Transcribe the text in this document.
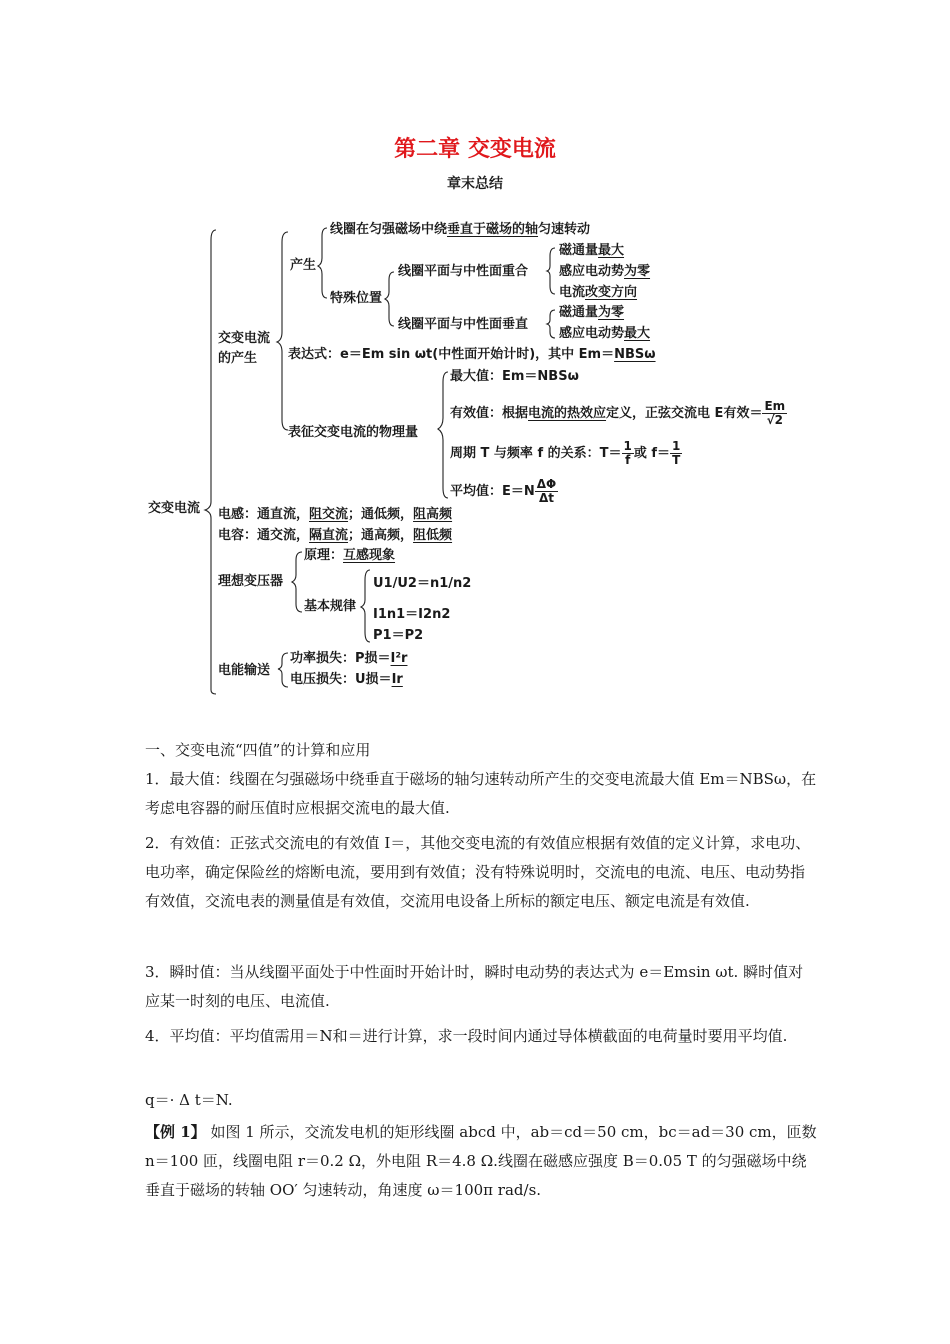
第二章 交变电流
章末总结
交变电流
交变电流
的产生
产生
线圈在匀强磁场中绕垂直于磁场的轴匀速转动
特殊位置
线圈平面与中性面重合
磁通量最大
感应电动势为零
电流改变方向
线圈平面与中性面垂直
磁通量为零
感应电动势最大
表达式：e＝Em sin ωt(中性面开始计时)，其中 Em＝NBSω
表征交变电流的物理量
最大值：Em＝NBSω
有效值：根据电流的热效应定义，正弦交流电 E有效＝ $\frac{Em}{√2}$
周期 T 与频率 f 的关系：$T= \frac{1}{f}$ 或 $f= \frac{1}{T}$
平均值：$E=N \frac{\Delta\Phi}{\Delta t}$
电感：通直流，阻交流；通低频，阻高频
电容：通交流，隔直流；通高频，阻低频
理想变压器
原理：互感现象
基本规律
U1/U2＝n1/n2
I1n1＝I2n2
P1＝P2
电能输送
功率损失：P损＝I²r
电压损失：U损＝Ir
一、交变电流“四值”的计算和应用
1．最大值：线圈在匀强磁场中绕垂直于磁场的轴匀速转动所产生的交变电流最大值 Em＝NBSω，在考虑电容器的耐压值时应根据交流电的最大值.
2．有效值：正弦式交流电的有效值 I＝，其他交变电流的有效值应根据有效值的定义计算，求电功、电功率，确定保险丝的熔断电流，要用到有效值；没有特殊说明时，交流电的电流、电压、电动势指有效值，交流电表的测量值是有效值，交流用电设备上所标的额定电压、额定电流是有效值.
3．瞬时值：当从线圈平面处于中性面时开始计时，瞬时电动势的表达式为 e＝Emsin ωt. 瞬时值对应某一时刻的电压、电流值.
4．平均值：平均值需用＝N和＝进行计算，求一段时间内通过导体横截面的电荷量时要用平均值.
q＝· Δ t＝N.
【例 1】 如图 1 所示，交流发电机的矩形线圈 abcd 中，ab＝cd＝50 cm，bc＝ad＝30 cm，匝数 n＝100 匝，线圈电阻 r＝0.2 Ω，外电阻 R＝4.8 Ω.线圈在磁感应强度 B＝0.05 T 的匀强磁场中绕垂直于磁场的转轴 OO′ 匀速转动，角速度 ω＝100π rad/s.
